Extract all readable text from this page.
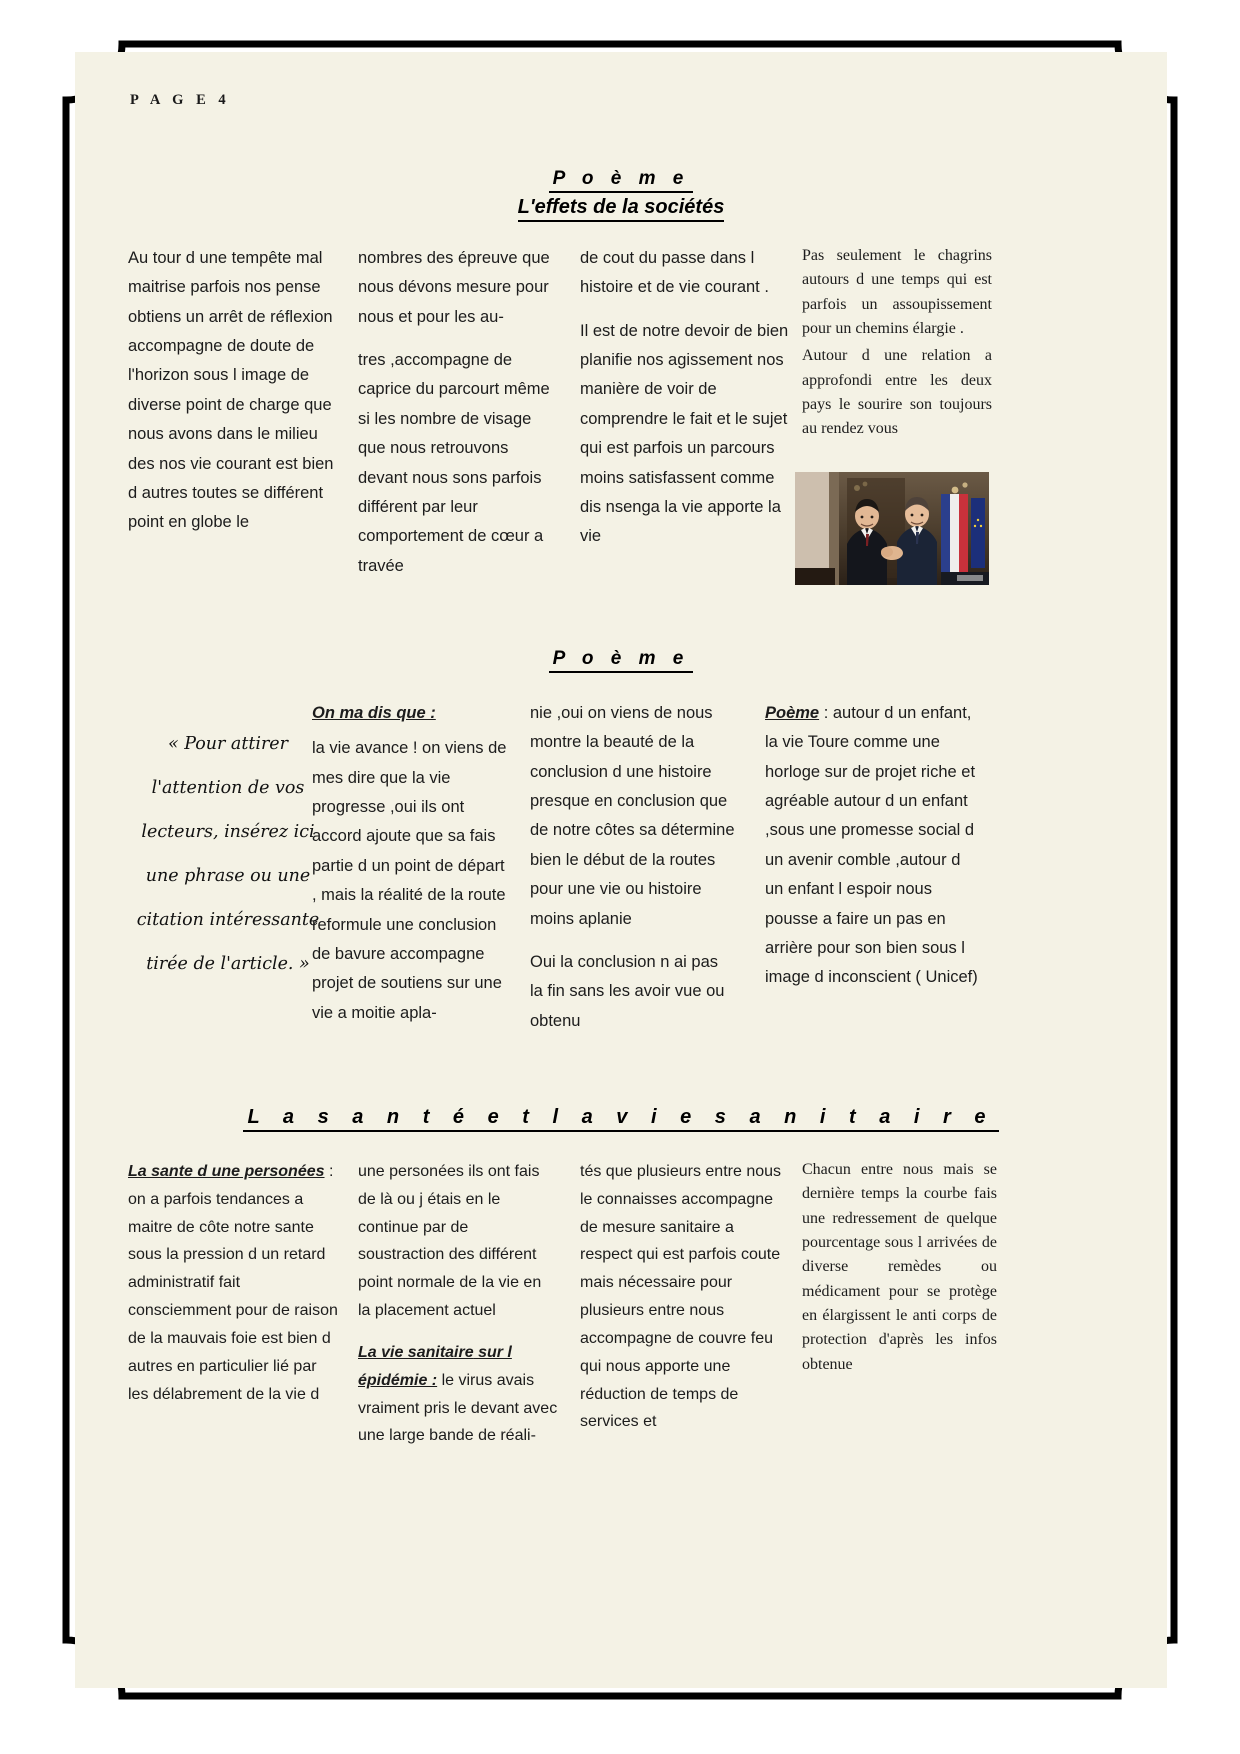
P A G E 4
P o è m e
L'effets de la sociétés

Au tour d une tempête mal maitrise parfois nos pense obtiens un arrêt de réflexion accompagne de doute de l'horizon sous l image de diverse point de charge que nous avons dans le milieu des nos vie courant est bien d autres toutes se différent point en globe le

nombres des épreuve que nous dévons mesure pour nous et pour les au-

tres ,accompagne de caprice du parcourt même si les nombre de visage que nous retrouvons devant nous sons parfois différent par leur comportement de cœur a travée

de cout du passe dans l histoire et de vie courant .

Il est de notre devoir de bien planifie nos agissement nos manière de voir de comprendre le fait et le sujet qui est parfois un parcours moins satisfassent comme dis nsenga la vie apporte la vie

Pas seulement le chagrins autours d une temps qui est parfois un assoupissement pour un chemins élargie .

Autour d une relation a approfondi entre les deux pays le sourire son toujours au rendez vous

P o è m e

On ma dis que :

la vie avance ! on viens de mes dire que la vie progresse ,oui ils ont accord ajoute que sa fais partie d un point de départ , mais la réalité de la route reformule une conclusion de bavure accompagne projet de soutiens sur une vie a moitie apla-

nie ,oui on viens de nous montre la beauté de la conclusion d une histoire presque en conclusion que de notre côtes sa détermine bien le début de la routes pour une vie ou histoire moins aplanie

Oui la conclusion n ai pas la fin sans les avoir vue ou obtenu

Poème : autour d un enfant, la vie Toure comme une horloge sur de projet riche et agréable autour d un enfant ,sous une promesse social d un avenir comble ,autour d un enfant l espoir nous pousse a faire un pas en arrière pour son bien sous l image d inconscient ( Unicef)

« Pour attirer l'attention de vos lecteurs, insérez ici une phrase ou une citation intéressante tirée de l'article. »
L a s a n t é e t l a v i e s a n i t a i r e

La sante d une personées : on a parfois tendances a maitre de côte notre sante sous la pression d un retard administratif fait consciemment pour de raison de la mauvais foie est bien d autres en particulier lié par les délabrement de la vie d

une personées ils ont fais de là ou j étais en le continue par de soustraction des différent point normale de la vie en la placement actuel

La vie sanitaire sur l épidémie : le virus avais vraiment pris le devant avec une large bande de réali-

tés que plusieurs entre nous le connaisses accompagne de mesure sanitaire a respect qui est parfois coute mais nécessaire pour plusieurs entre nous accompagne de couvre feu qui nous apporte une réduction de temps de services et

Chacun entre nous mais se dernière temps la courbe fais une redressement de quelque pourcentage sous l arrivées de diverse remèdes ou médicament pour se protège en élargissent le anti corps de protection d'après les infos obtenue
